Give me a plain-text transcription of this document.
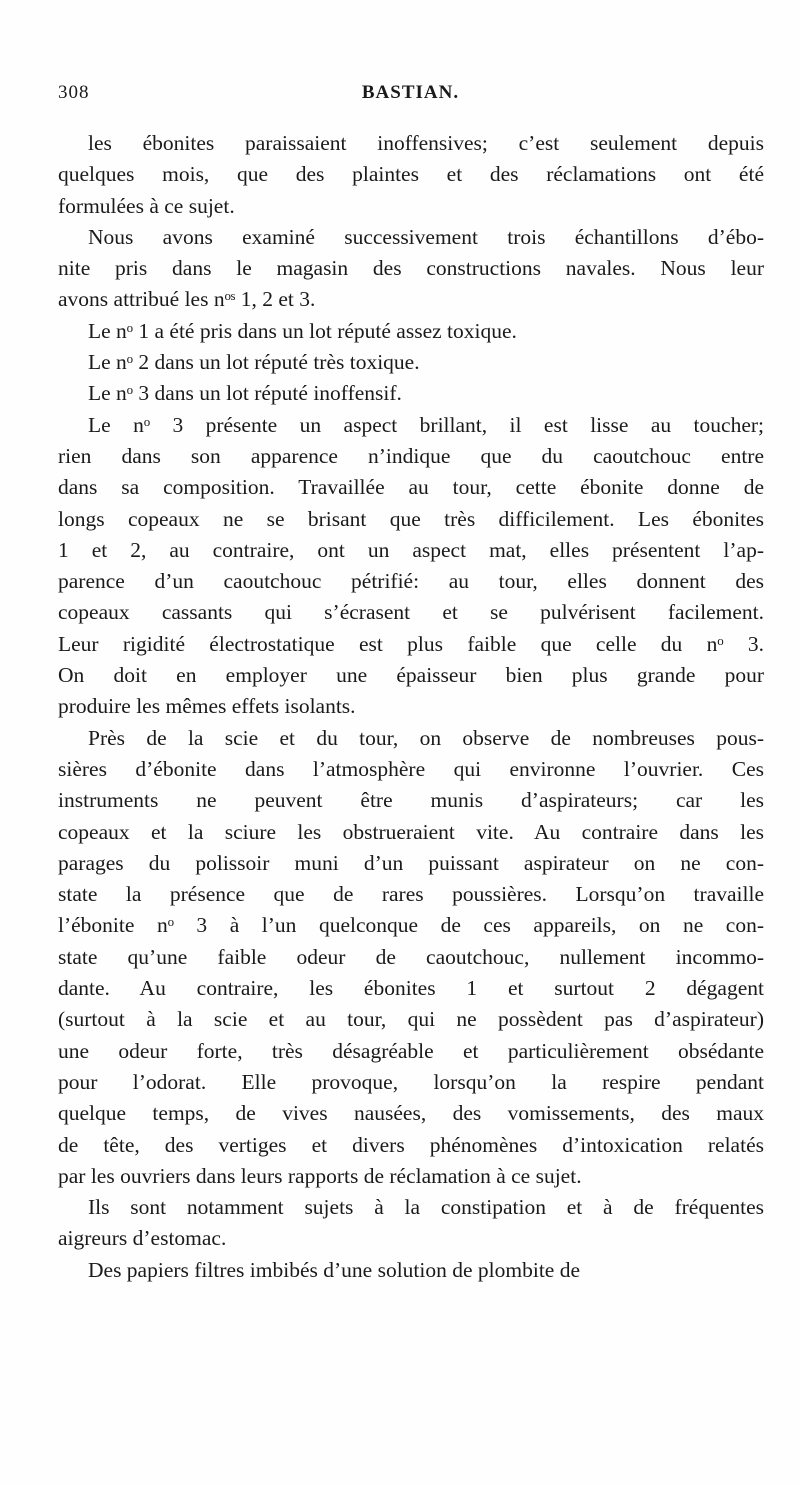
308	BASTIAN.
les ébonites paraissaient inoffensives; c’est seulement depuis
quelques mois, que des plaintes et des réclamations ont été
formulées à ce sujet.
Nous avons examiné successivement trois échantillons d’ébo-
nite pris dans le magasin des constructions navales. Nous leur
avons attribué les nᵒˢ 1, 2 et 3.
Le nᵒ 1 a été pris dans un lot réputé assez toxique.
Le nᵒ 2 dans un lot réputé très toxique.
Le nᵒ 3 dans un lot réputé inoffensif.
Le nᵒ 3 présente un aspect brillant, il est lisse au toucher;
rien dans son apparence n’indique que du caoutchouc entre
dans sa composition. Travaillée au tour, cette ébonite donne de
longs copeaux ne se brisant que très difficilement. Les ébonites
1 et 2, au contraire, ont un aspect mat, elles présentent l’ap-
parence d’un caoutchouc pétrifié: au tour, elles donnent des
copeaux cassants qui s’écrasent et se pulvérisent facilement.
Leur rigidité électrostatique est plus faible que celle du nᵒ 3.
On doit en employer une épaisseur bien plus grande pour
produire les mêmes effets isolants.
Près de la scie et du tour, on observe de nombreuses pous-
sières d’ébonite dans l’atmosphère qui environne l’ouvrier. Ces
instruments ne peuvent être munis d’aspirateurs; car les
copeaux et la sciure les obstrueraient vite. Au contraire dans les
parages du polissoir muni d’un puissant aspirateur on ne con-
state la présence que de rares poussières. Lorsqu’on travaille
l’ébonite nᵒ 3 à l’un quelconque de ces appareils, on ne con-
state qu’une faible odeur de caoutchouc, nullement incommo-
dante. Au contraire, les ébonites 1 et surtout 2 dégagent
(surtout à la scie et au tour, qui ne possèdent pas d’aspirateur)
une odeur forte, très désagréable et particulièrement obsédante
pour l’odorat. Elle provoque, lorsqu’on la respire pendant
quelque temps, de vives nausées, des vomissements, des maux
de tête, des vertiges et divers phénomènes d’intoxication relatés
par les ouvriers dans leurs rapports de réclamation à ce sujet.
Ils sont notamment sujets à la constipation et à de fréquentes
aigreurs d’estomac.
Des papiers filtres imbibés d’une solution de plombite de
